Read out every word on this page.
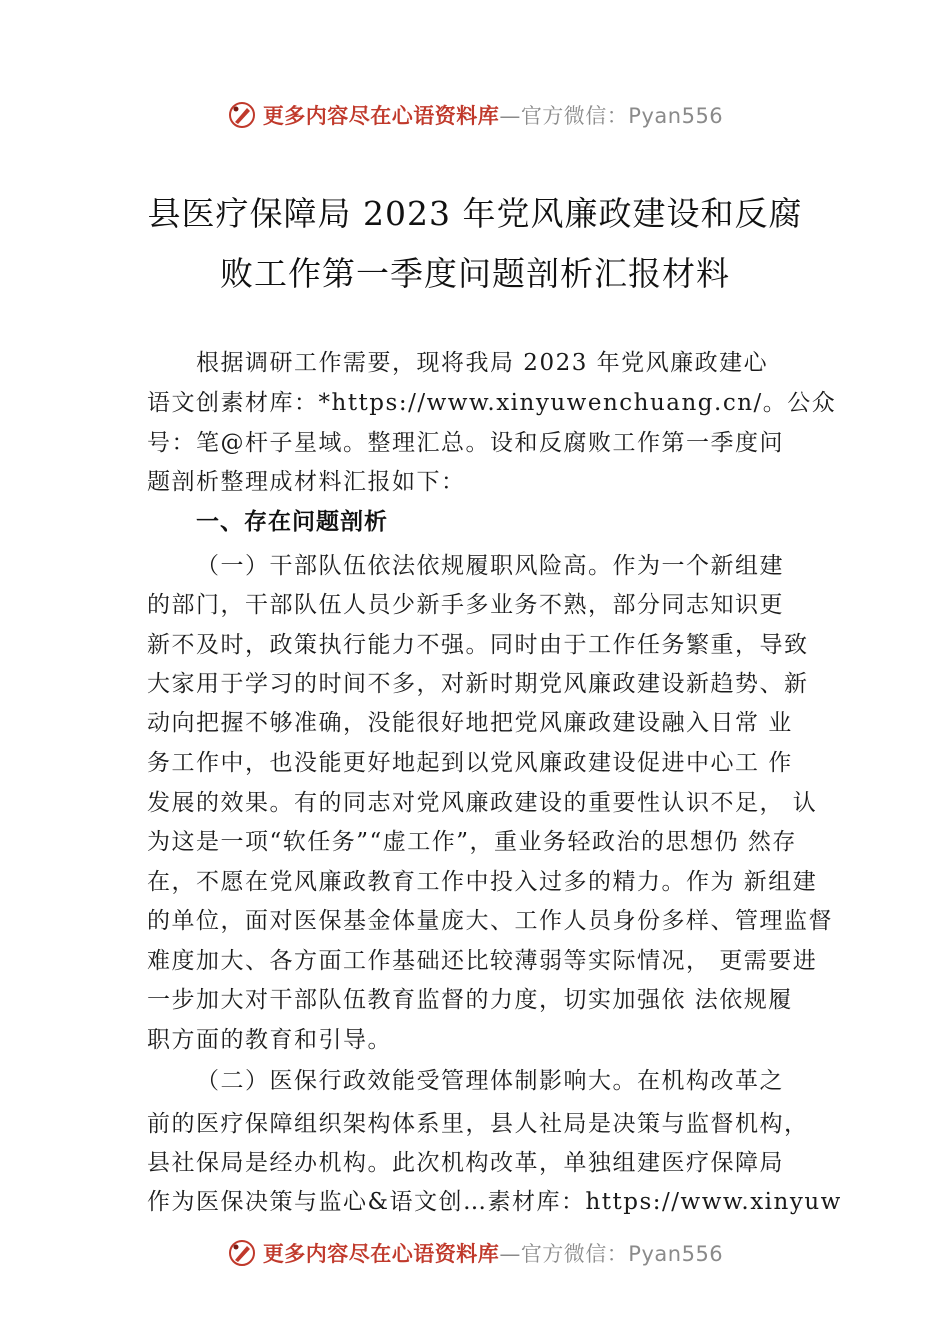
更多内容尽在心语资料库 —官方微信：Pyan556
县医疗保障局 2023 年党风廉政建设和反腐
败工作第一季度问题剖析汇报材料
根据调研工作需要，现将我局 2023 年党风廉政建心
语文创素材库：*https://www.xinyuwenchuang.cn/。公众
号：笔@杆子星域。整理汇总。设和反腐败工作第一季度问
题剖析整理成材料汇报如下：
一、存在问题剖析
（一）干部队伍依法依规履职风险高。作为一个新组建
的部门，干部队伍人员少新手多业务不熟，部分同志知识更
新不及时，政策执行能力不强。同时由于工作任务繁重，导致
大家用于学习的时间不多，对新时期党风廉政建设新趋势、新
动向把握不够准确，没能很好地把党风廉政建设融入日常 业
务工作中，也没能更好地起到以党风廉政建设促进中心工 作
发展的效果。有的同志对党风廉政建设的重要性认识不足， 认
为这是一项“软任务”“虚工作”，重业务轻政治的思想仍 然存
在，不愿在党风廉政教育工作中投入过多的精力。作为 新组建
的单位，面对医保基金体量庞大、工作人员身份多样、管理监督
难度加大、各方面工作基础还比较薄弱等实际情况， 更需要进
一步加大对干部队伍教育监督的力度，切实加强依 法依规履
职方面的教育和引导。
（二）医保行政效能受管理体制影响大。在机构改革之
前的医疗保障组织架构体系里，县人社局是决策与监督机构，
县社保局是经办机构。此次机构改革，单独组建医疗保障局
作为医保决策与监心&语文创…素材库：https://www.xinyuw
更多内容尽在心语资料库 —官方微信：Pyan556
